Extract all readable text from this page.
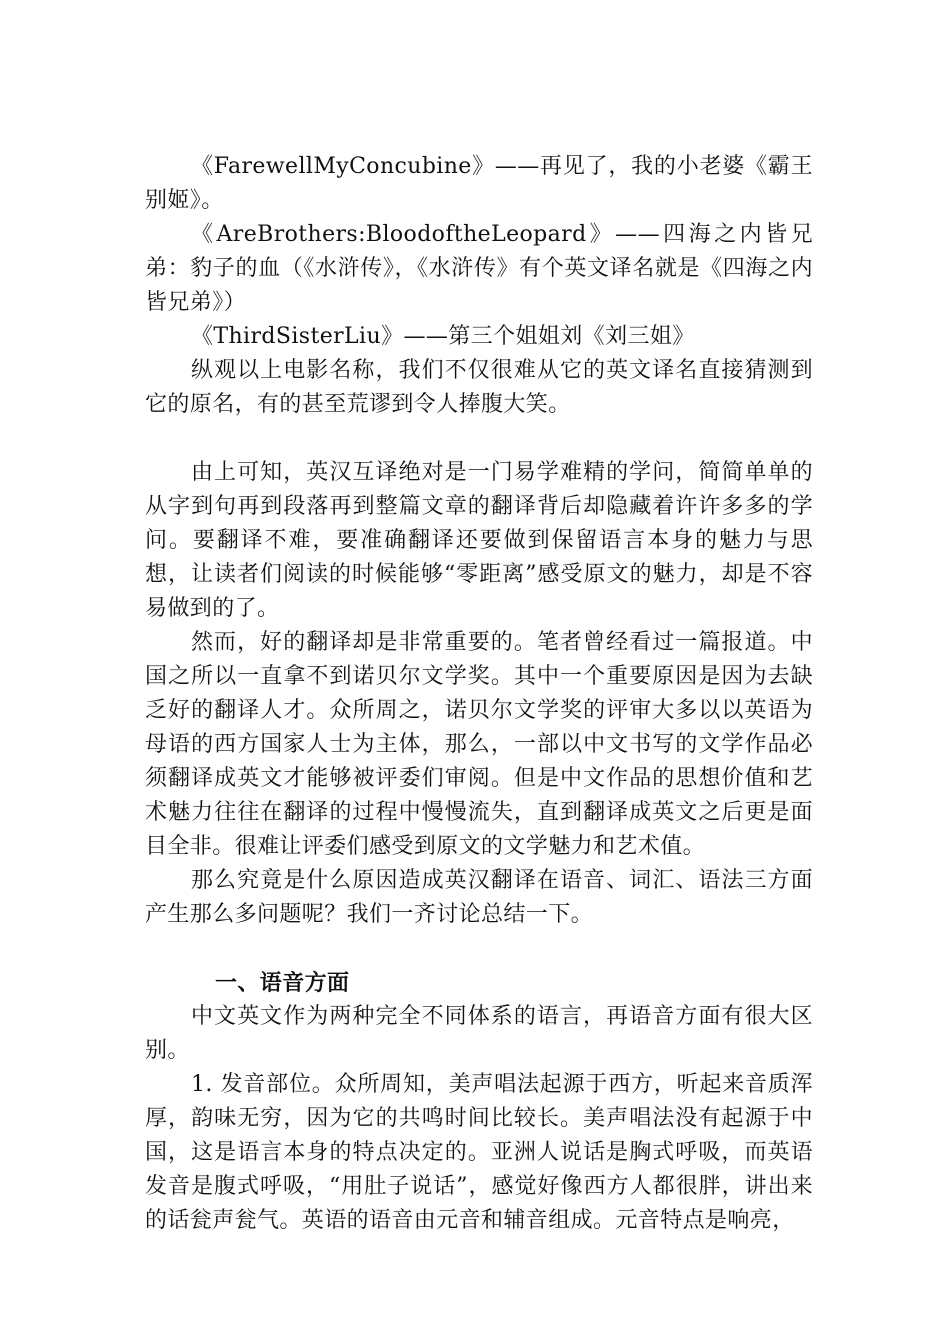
《FarewellMyConcubine》——再见了，我的小老婆《霸王别姬》。

《AreBrothers:BloodoftheLeopard》——四海之内皆兄弟：豹子的血（《水浒传》，《水浒传》有个英文译名就是《四海之内皆兄弟》）

《ThirdSisterLiu》——第三个姐姐刘《刘三姐》

纵观以上电影名称，我们不仅很难从它的英文译名直接猜测到它的原名，有的甚至荒谬到令人捧腹大笑。

由上可知，英汉互译绝对是一门易学难精的学问，简简单单的从字到句再到段落再到整篇文章的翻译背后却隐藏着许许多多的学问。要翻译不难，要准确翻译还要做到保留语言本身的魅力与思想，让读者们阅读的时候能够“零距离”感受原文的魅力，却是不容易做到的了。

然而，好的翻译却是非常重要的。笔者曾经看过一篇报道。中国之所以一直拿不到诺贝尔文学奖。其中一个重要原因是因为去缺乏好的翻译人才。众所周之，诺贝尔文学奖的评审大多以以英语为母语的西方国家人士为主体，那么，一部以中文书写的文学作品必须翻译成英文才能够被评委们审阅。但是中文作品的思想价值和艺术魅力往往在翻译的过程中慢慢流失，直到翻译成英文之后更是面目全非。很难让评委们感受到原文的文学魅力和艺术值。

那么究竟是什么原因造成英汉翻译在语音、词汇、语法三方面产生那么多问题呢？我们一齐讨论总结一下。

一、语音方面

中文英文作为两种完全不同体系的语言，再语音方面有很大区别。

1. 发音部位。众所周知，美声唱法起源于西方，听起来音质浑厚，韵味无穷，因为它的共鸣时间比较长。美声唱法没有起源于中国，这是语言本身的特点决定的。亚洲人说话是胸式呼吸，而英语发音是腹式呼吸，“用肚子说话”，感觉好像西方人都很胖，讲出来的话瓮声瓮气。英语的语音由元音和辅音组成。元音特点是响亮，
